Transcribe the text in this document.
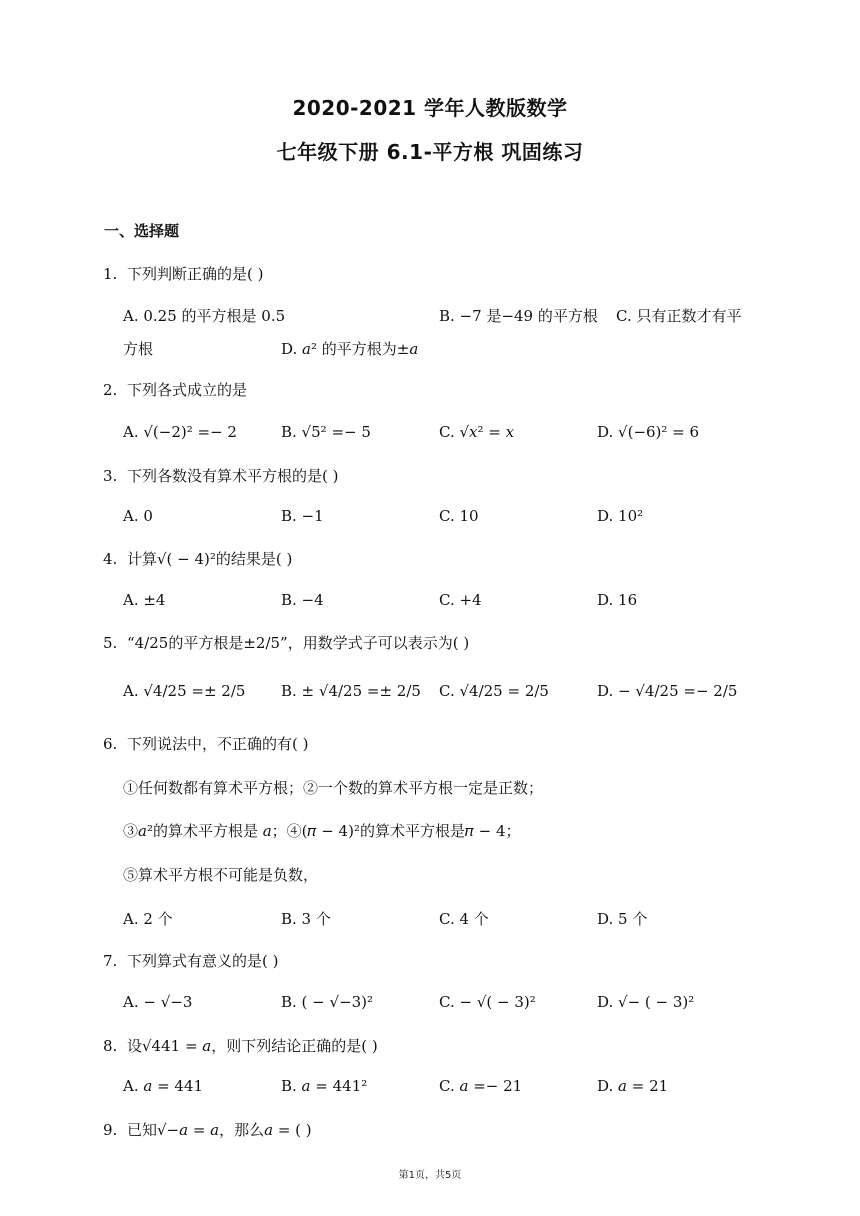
2020-2021 学年人教版数学
七年级下册 6.1-平方根 巩固练习
一、选择题
1. 下列判断正确的是( )
A. 0.25 的平方根是 0.5	B. −7 是−49 的平方根 C. 只有正数才有平
方根	D. 𝑎² 的平方根为±𝑎
2. 下列各式成立的是
A. √(−2)² =− 2	B. √5² =− 5	C. √𝑥² = 𝑥	D. √(−6)² = 6
3. 下列各数没有算术平方根的是( )
A. 0	B. −1	C. 10	D. 10²
4. 计算√( − 4)²的结果是( )
A. ±4	B. −4	C. +4	D. 16
5. “4/25的平方根是±2/5”，用数学式子可以表示为( )
A. √4/25 =± 2/5 B. ± √4/25 =± 2/5 C. √4/25 = 2/5	D. − √4/25 =− 2/5
6. 下列说法中，不正确的有( )
①任何数都有算术平方根；②一个数的算术平方根一定是正数；
③𝑎²的算术平方根是 𝑎；④(𝜋 − 4)²的算术平方根是𝜋 − 4；
⑤算术平方根不可能是负数，
A. 2 个	B. 3 个	C. 4 个	D. 5 个
7. 下列算式有意义的是( )
A. − √−3	B. ( − √−3)²	C. − √( − 3)²	D. √− ( − 3)²
8. 设√441 = 𝑎，则下列结论正确的是( )
A. 𝑎 = 441	B. 𝑎 = 441²	C. 𝑎 =− 21	D. 𝑎 = 21
9. 已知√−𝑎 = 𝑎，那么𝑎 = ( )
第1页，共5页
